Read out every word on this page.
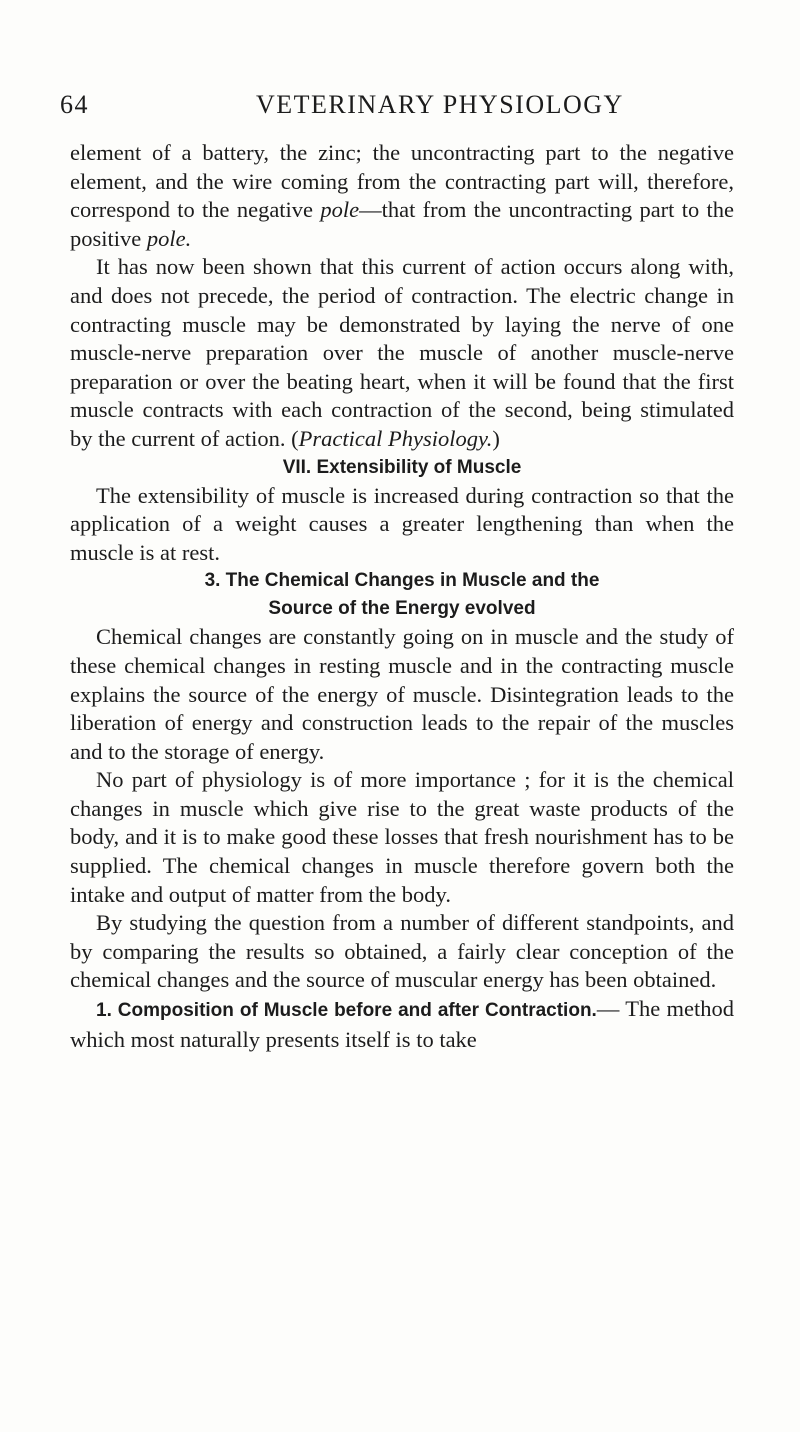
64	VETERINARY PHYSIOLOGY

element of a battery, the zinc; the uncontracting part to the negative element, and the wire coming from the contracting part will, therefore, correspond to the negative pole—that from the uncontracting part to the positive pole.

It has now been shown that this current of action occurs along with, and does not precede, the period of contraction. The electric change in contracting muscle may be demonstrated by laying the nerve of one muscle-nerve preparation over the muscle of another muscle-nerve preparation or over the beating heart, when it will be found that the first muscle contracts with each contraction of the second, being stimulated by the current of action. (Practical Physiology.)

VII. Extensibility of Muscle

The extensibility of muscle is increased during contraction so that the application of a weight causes a greater lengthening than when the muscle is at rest.

3. The Chemical Changes in Muscle and the
Source of the Energy evolved

Chemical changes are constantly going on in muscle and the study of these chemical changes in resting muscle and in the contracting muscle explains the source of the energy of muscle. Disintegration leads to the liberation of energy and construction leads to the repair of the muscles and to the storage of energy.

No part of physiology is of more importance ; for it is the chemical changes in muscle which give rise to the great waste products of the body, and it is to make good these losses that fresh nourishment has to be supplied. The chemical changes in muscle therefore govern both the intake and output of matter from the body.

By studying the question from a number of different standpoints, and by comparing the results so obtained, a fairly clear conception of the chemical changes and the source of muscular energy has been obtained.

1. Composition of Muscle before and after Contraction.— The method which most naturally presents itself is to take
